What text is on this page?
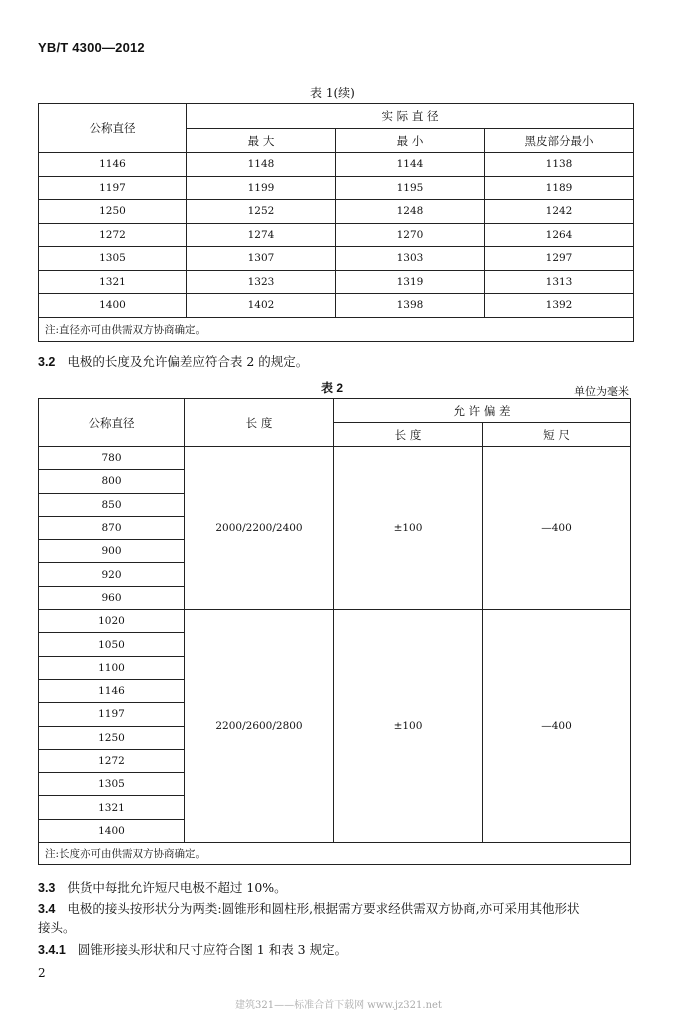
YB/T 4300—2012
表 1(续)
公称直径	实 际 直 径		
	最 大	最 小	黑皮部分最小
1146	1148	1144	1138
1197	1199	1195	1189
1250	1252	1248	1242
1272	1274	1270	1264
1305	1307	1303	1297
1321	1323	1319	1313
1400	1402	1398	1392
注:直径亦可由供需双方协商确定。			
3.2 电极的长度及允许偏差应符合表 2 的规定。
表 2	单位为毫米
公称直径	长 度	允 许 偏 差	
		长 度	短 尺
780	2000/2200/2400	±100	—400
800			
850			
870			
900			
920			
960			
1020	2200/2600/2800	±100	—400
1050			
1100			
1146			
1197			
1250			
1272			
1305			
1321			
1400			
注:长度亦可由供需双方协商确定。			
3.3 供货中每批允许短尺电极不超过 10%。
3.4 电极的接头按形状分为两类:圆锥形和圆柱形,根据需方要求经供需双方协商,亦可采用其他形状
接头。
3.4.1 圆锥形接头形状和尺寸应符合图 1 和表 3 规定。
2
建筑321——标准合首下载网 www.jz321.net
